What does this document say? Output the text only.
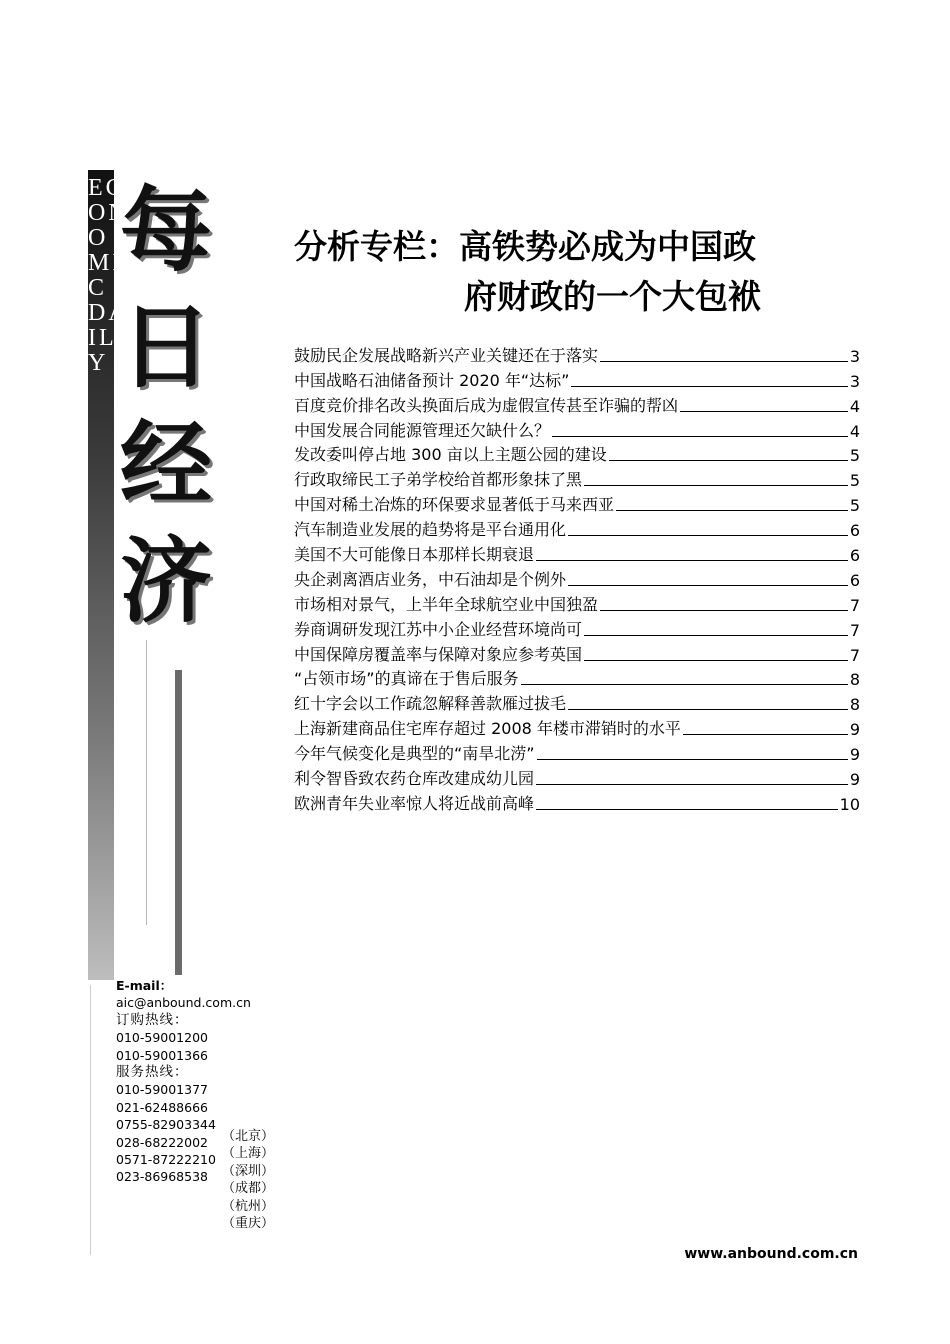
EC
ON
O
MI
C
DA
IL
Y
每
日
经
济
分析专栏：高铁势必成为中国政
府财政的一个大包袱
鼓励民企发展战略新兴产业关键还在于落实	3
中国战略石油储备预计 2020 年“达标”	3
百度竞价排名改头换面后成为虚假宣传甚至诈骗的帮凶	4
中国发展合同能源管理还欠缺什么？	4
发改委叫停占地 300 亩以上主题公园的建设	5
行政取缔民工子弟学校给首都形象抹了黑	5
中国对稀土冶炼的环保要求显著低于马来西亚	5
汽车制造业发展的趋势将是平台通用化	6
美国不大可能像日本那样长期衰退	6
央企剥离酒店业务，中石油却是个例外	6
市场相对景气，上半年全球航空业中国独盈	7
券商调研发现江苏中小企业经营环境尚可	7
中国保障房覆盖率与保障对象应参考英国	7
“占领市场”的真谛在于售后服务	8
红十字会以工作疏忽解释善款雁过拔毛	8
上海新建商品住宅库存超过 2008 年楼市滞销时的水平	9
今年气候变化是典型的“南旱北涝”	9
利令智昏致农药仓库改建成幼儿园	9
欧洲青年失业率惊人将近战前高峰	10
E-mail：
aic@anbound.com.cn
订购热线：
010-59001200
010-59001366
服务热线：
010-59001377
021-62488666
0755-82903344
028-68222002
0571-87222210
023-86968538
（北京）
（上海）
（深圳）
（成都）
（杭州）
（重庆）
www.anbound.com.cn
